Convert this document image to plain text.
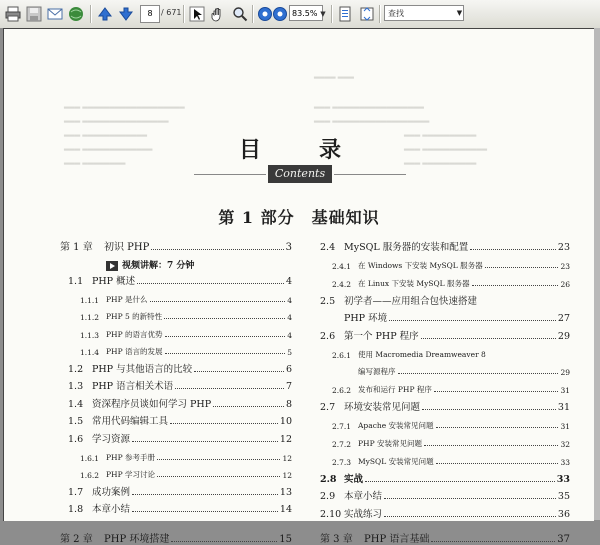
8	/ 671	83.5% ▼	查找	▼
▂▂▂▂ ▂▂▂
▂▂▂ ▂▂▂▂▂▂▂▂▂▂▂▂▂▂▂▂▂▂▂	▂▂▂ ▂▂▂▂▂▂▂▂▂▂▂▂▂▂▂▂▂
▂▂▂ ▂▂▂▂▂▂▂▂▂▂▂▂▂▂▂▂	▂▂▂ ▂▂▂▂▂▂▂▂▂▂▂▂▂▂▂▂▂▂
▂▂▂ ▂▂▂▂▂▂▂▂▂▂▂▂	▂▂▂ ▂▂▂▂▂▂▂▂▂▂
▂▂▂ ▂▂▂▂▂▂▂▂▂▂▂▂▂	▂▂▂ ▂▂▂▂▂▂▂▂▂▂▂▂
▂▂▂ ▂▂▂▂▂▂▂▂	▂▂▂ ▂▂▂▂▂▂▂▂▂▂
目　录
Contents
第 1 部分　基础知识
第 1 章	初识 PHP	3
视频讲解：7 分钟
1.1 PHP 概述	4
1.1.1 PHP 是什么	4
1.1.2 PHP 5 的新特性	4
1.1.3 PHP 的语言优势	4
1.1.4 PHP 语言的发展	5
1.2 PHP 与其他语言的比较	6
1.3 PHP 语言相关术语	7
1.4 资深程序员谈如何学习 PHP	8
1.5 常用代码编辑工具	10
1.6 学习资源	12
1.6.1 PHP 参考手册	12
1.6.2 PHP 学习讨论	12
1.7 成功案例	13
1.8 本章小结	14
第 2 章	PHP 环境搭建	15
2.4 MySQL 服务器的安装和配置	23
2.4.1 在 Windows 下安装 MySQL 服务器	23
2.4.2 在 Linux 下安装 MySQL 服务器	26
2.5 初学者——应用组合包快速搭建
PHP 环境	27
2.6 第一个 PHP 程序	29
2.6.1 使用 Macromedia Dreamweaver 8
编写源程序	29
2.6.2 发布和运行 PHP 程序	31
2.7 环境安装常见问题	31
2.7.1 Apache 安装常见问题	31
2.7.2 PHP 安装常见问题	32
2.7.3 MySQL 安装常见问题	33
2.8 实战	33
2.9 本章小结	35
2.10 实战练习	36
第 3 章	PHP 语言基础	37
